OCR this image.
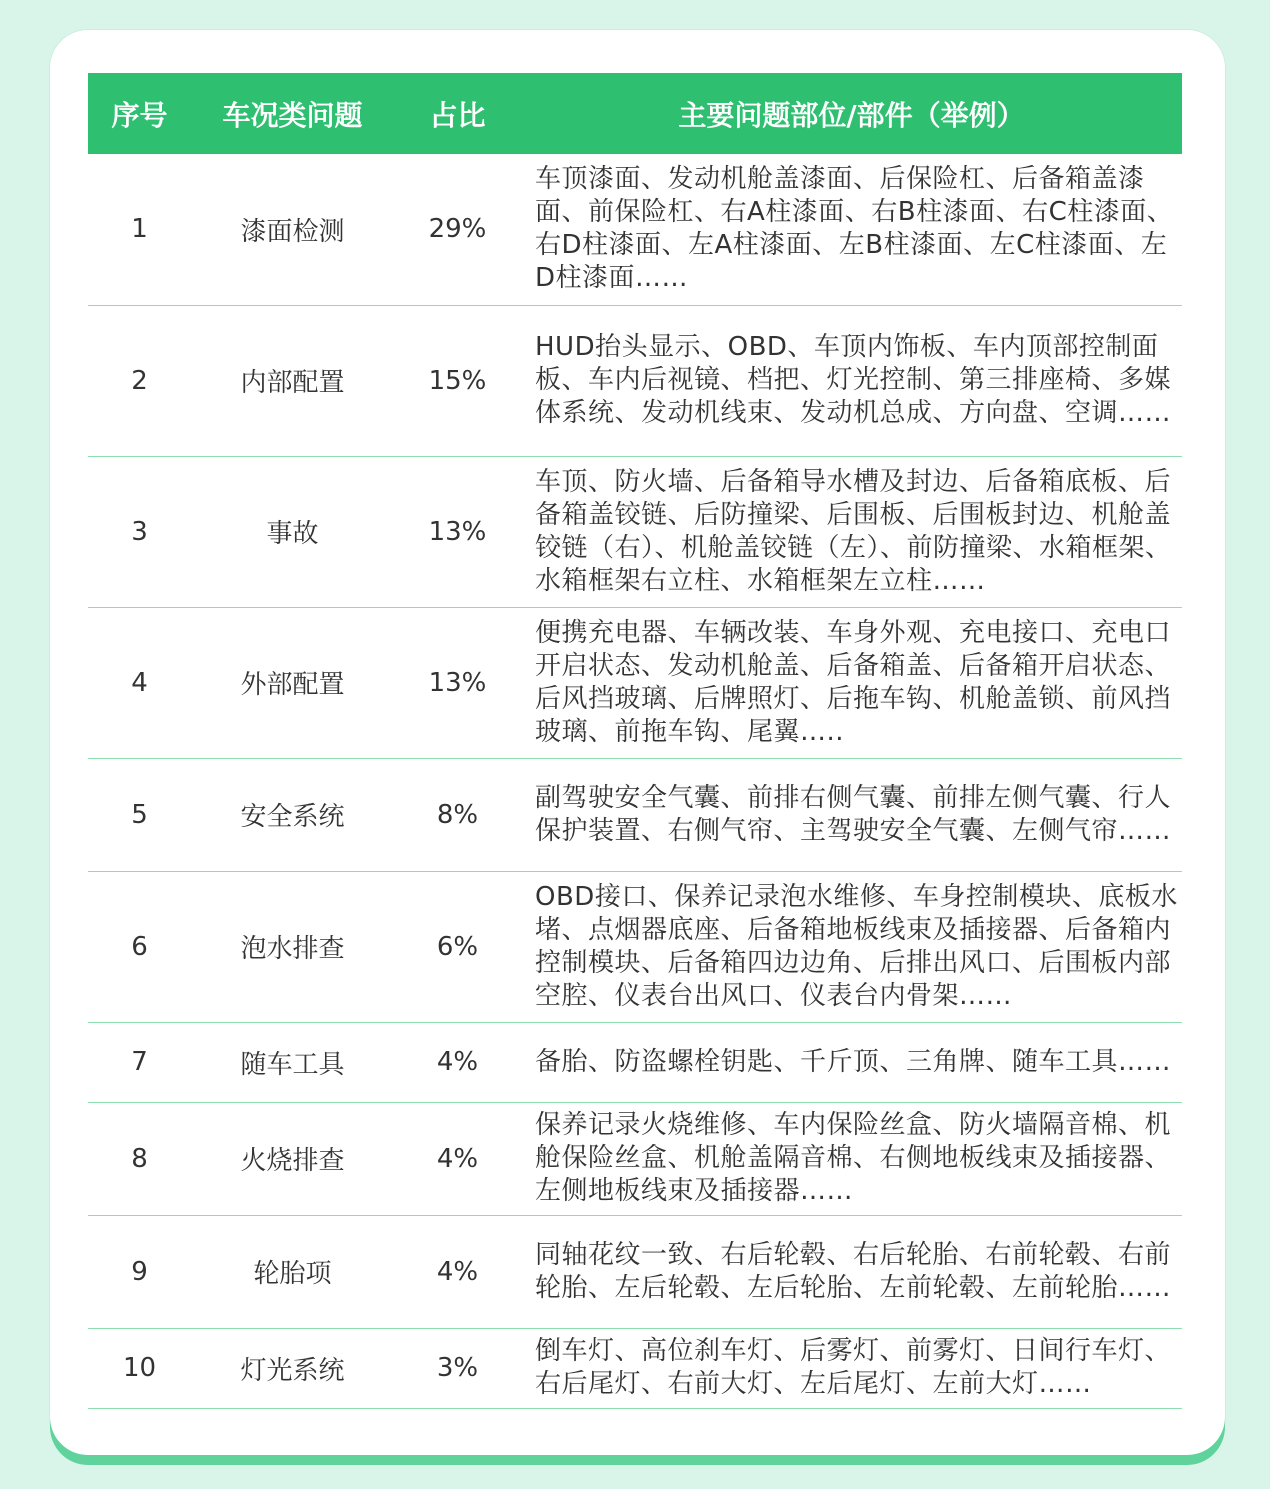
序号	车况类问题	占比	主要问题部位/部件（举例）
1	漆面检测	29%	车顶漆面、发动机舱盖漆面、后保险杠、后备箱盖漆面、前保险杠、右A柱漆面、右B柱漆面、右C柱漆面、右D柱漆面、左A柱漆面、左B柱漆面、左C柱漆面、左D柱漆面……
2	内部配置	15%	HUD抬头显示、OBD、车顶内饰板、车内顶部控制面板、车内后视镜、档把、灯光控制、第三排座椅、多媒体系统、发动机线束、发动机总成、方向盘、空调……
3	事故	13%	车顶、防火墙、后备箱导水槽及封边、后备箱底板、后备箱盖铰链、后防撞梁、后围板、后围板封边、机舱盖铰链（右）、机舱盖铰链（左）、前防撞梁、水箱框架、水箱框架右立柱、水箱框架左立柱……
4	外部配置	13%	便携充电器、车辆改装、车身外观、充电接口、充电口开启状态、发动机舱盖、后备箱盖、后备箱开启状态、后风挡玻璃、后牌照灯、后拖车钩、机舱盖锁、前风挡玻璃、前拖车钩、尾翼…..
5	安全系统	8%	副驾驶安全气囊、前排右侧气囊、前排左侧气囊、行人保护装置、右侧气帘、主驾驶安全气囊、左侧气帘……
6	泡水排查	6%	OBD接口、保养记录泡水维修、车身控制模块、底板水堵、点烟器底座、后备箱地板线束及插接器、后备箱内控制模块、后备箱四边边角、后排出风口、后围板内部空腔、仪表台出风口、仪表台内骨架……
7	随车工具	4%	备胎、防盗螺栓钥匙、千斤顶、三角牌、随车工具……
8	火烧排查	4%	保养记录火烧维修、车内保险丝盒、防火墙隔音棉、机舱保险丝盒、机舱盖隔音棉、右侧地板线束及插接器、左侧地板线束及插接器……
9	轮胎项	4%	同轴花纹一致、右后轮毂、右后轮胎、右前轮毂、右前轮胎、左后轮毂、左后轮胎、左前轮毂、左前轮胎……
10	灯光系统	3%	倒车灯、高位刹车灯、后雾灯、前雾灯、日间行车灯、右后尾灯、右前大灯、左后尾灯、左前大灯……
